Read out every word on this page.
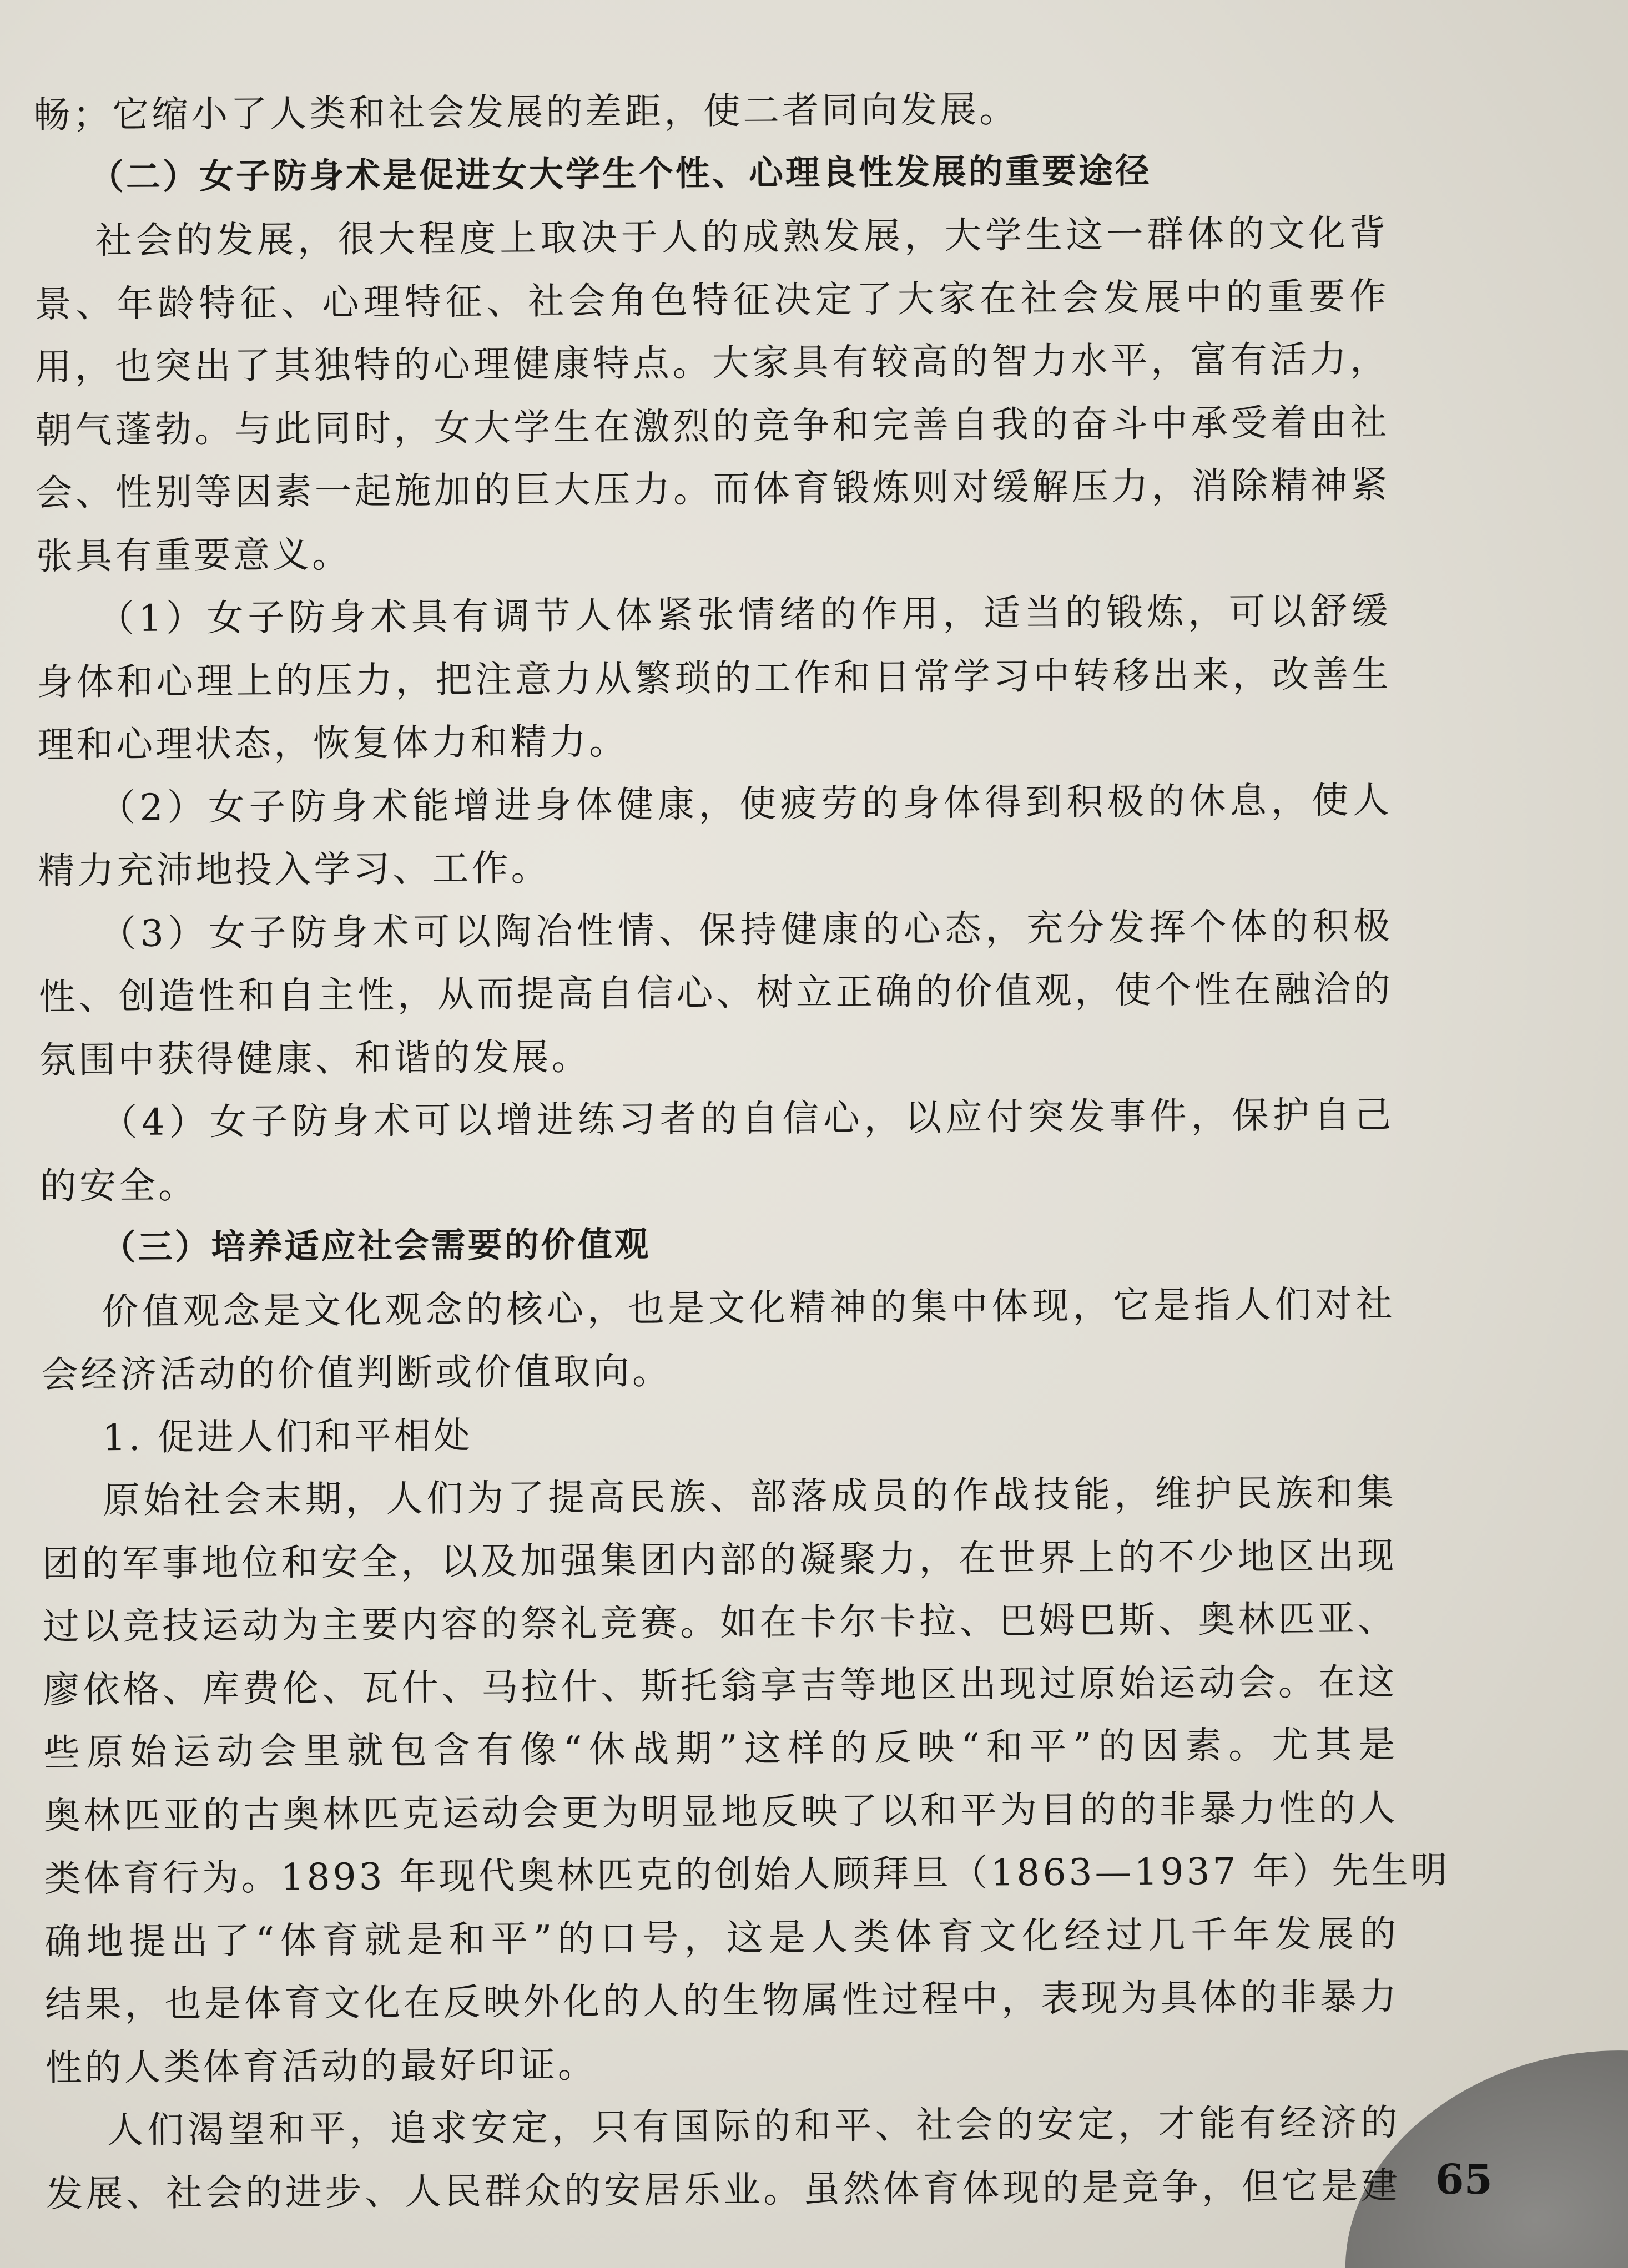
畅；它缩小了人类和社会发展的差距，使二者同向发展。
（二）女子防身术是促进女大学生个性、心理良性发展的重要途径
社会的发展，很大程度上取决于人的成熟发展，大学生这一群体的文化背
景、年龄特征、心理特征、社会角色特征决定了大家在社会发展中的重要作
用，也突出了其独特的心理健康特点。大家具有较高的智力水平，富有活力，
朝气蓬勃。与此同时，女大学生在激烈的竞争和完善自我的奋斗中承受着由社
会、性别等因素一起施加的巨大压力。而体育锻炼则对缓解压力，消除精神紧
张具有重要意义。
（1）女子防身术具有调节人体紧张情绪的作用，适当的锻炼，可以舒缓
身体和心理上的压力，把注意力从繁琐的工作和日常学习中转移出来，改善生
理和心理状态，恢复体力和精力。
（2）女子防身术能增进身体健康，使疲劳的身体得到积极的休息，使人
精力充沛地投入学习、工作。
（3）女子防身术可以陶冶性情、保持健康的心态，充分发挥个体的积极
性、创造性和自主性，从而提高自信心、树立正确的价值观，使个性在融洽的
氛围中获得健康、和谐的发展。
（4）女子防身术可以增进练习者的自信心，以应付突发事件，保护自己
的安全。
（三）培养适应社会需要的价值观
价值观念是文化观念的核心，也是文化精神的集中体现，它是指人们对社
会经济活动的价值判断或价值取向。
1. 促进人们和平相处
原始社会末期，人们为了提高民族、部落成员的作战技能，维护民族和集
团的军事地位和安全，以及加强集团内部的凝聚力，在世界上的不少地区出现
过以竞技运动为主要内容的祭礼竞赛。如在卡尔卡拉、巴姆巴斯、奥林匹亚、
廖依格、库费伦、瓦什、马拉什、斯托翁享吉等地区出现过原始运动会。在这
些原始运动会里就包含有像“休战期”这样的反映“和平”的因素。尤其是
奥林匹亚的古奥林匹克运动会更为明显地反映了以和平为目的的非暴力性的人
类体育行为。1893 年现代奥林匹克的创始人顾拜旦（1863—1937 年）先生明
确地提出了“体育就是和平”的口号，这是人类体育文化经过几千年发展的
结果，也是体育文化在反映外化的人的生物属性过程中，表现为具体的非暴力
性的人类体育活动的最好印证。
人们渴望和平，追求安定，只有国际的和平、社会的安定，才能有经济的
发展、社会的进步、人民群众的安居乐业。虽然体育体现的是竞争，但它是建 65
